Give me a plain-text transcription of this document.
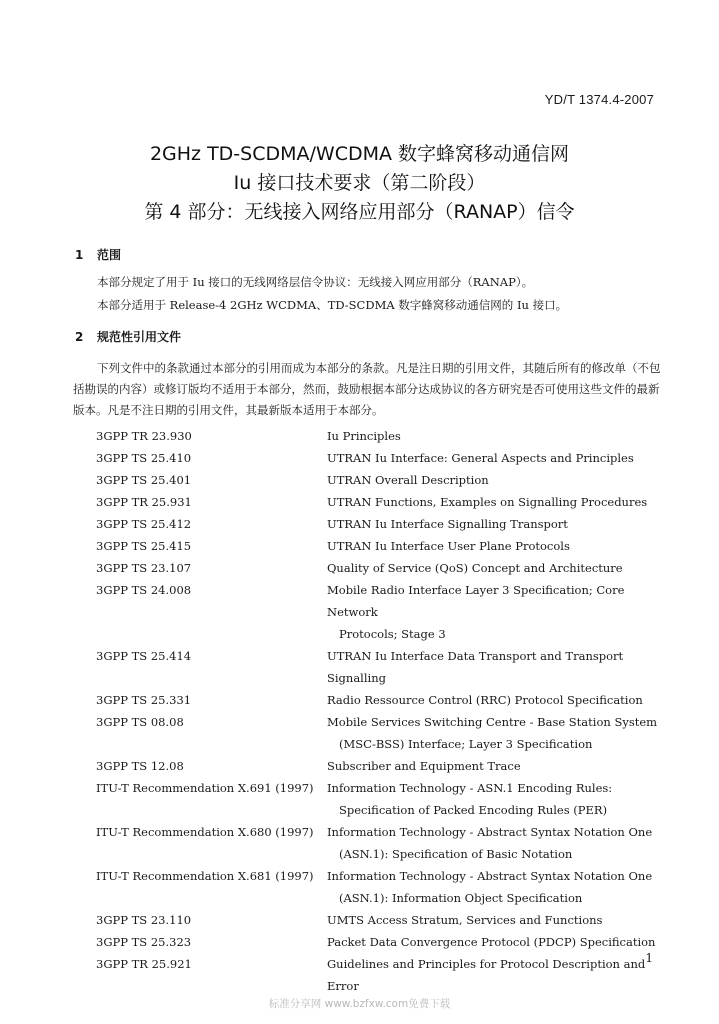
YD/T 1374.4-2007
2GHz TD-SCDMA/WCDMA 数字蜂窝移动通信网
Iu 接口技术要求（第二阶段）
第 4 部分：无线接入网络应用部分（RANAP）信令
1 范围
本部分规定了用于 Iu 接口的无线网络层信令协议：无线接入网应用部分（RANAP）。
本部分适用于 Release-4 2GHz WCDMA、TD-SCDMA 数字蜂窝移动通信网的 Iu 接口。
2 规范性引用文件
下列文件中的条款通过本部分的引用而成为本部分的条款。凡是注日期的引用文件，其随后所有的修改单（不包括勘误的内容）或修订版均不适用于本部分，然而，鼓励根据本部分达成协议的各方研究是否可使用这些文件的最新版本。凡是不注日期的引用文件，其最新版本适用于本部分。
3GPP TR 23.930	Iu Principles
3GPP TS 25.410	UTRAN Iu Interface: General Aspects and Principles
3GPP TS 25.401	UTRAN Overall Description
3GPP TR 25.931	UTRAN Functions, Examples on Signalling Procedures
3GPP TS 25.412	UTRAN Iu Interface Signalling Transport
3GPP TS 25.415	UTRAN Iu Interface User Plane Protocols
3GPP TS 23.107	Quality of Service (QoS) Concept and Architecture
3GPP TS 24.008	Mobile Radio Interface Layer 3 Specification; Core Network
Protocols; Stage 3
3GPP TS 25.414	UTRAN Iu Interface Data Transport and Transport Signalling
3GPP TS 25.331	Radio Ressource Control (RRC) Protocol Specification
3GPP TS 08.08	Mobile Services Switching Centre - Base Station System
(MSC-BSS) Interface; Layer 3 Specification
3GPP TS 12.08	Subscriber and Equipment Trace
ITU-T Recommendation X.691 (1997)	Information Technology - ASN.1 Encoding Rules:
Specification of Packed Encoding Rules (PER)
ITU-T Recommendation X.680 (1997)	Information Technology - Abstract Syntax Notation One
(ASN.1): Specification of Basic Notation
ITU-T Recommendation X.681 (1997)	Information Technology - Abstract Syntax Notation One
(ASN.1): Information Object Specification
3GPP TS 23.110	UMTS Access Stratum, Services and Functions
3GPP TS 25.323	Packet Data Convergence Protocol (PDCP) Specification
3GPP TR 25.921	Guidelines and Principles for Protocol Description and Error
1
标准分享网 www.bzfxw.com免费下载
